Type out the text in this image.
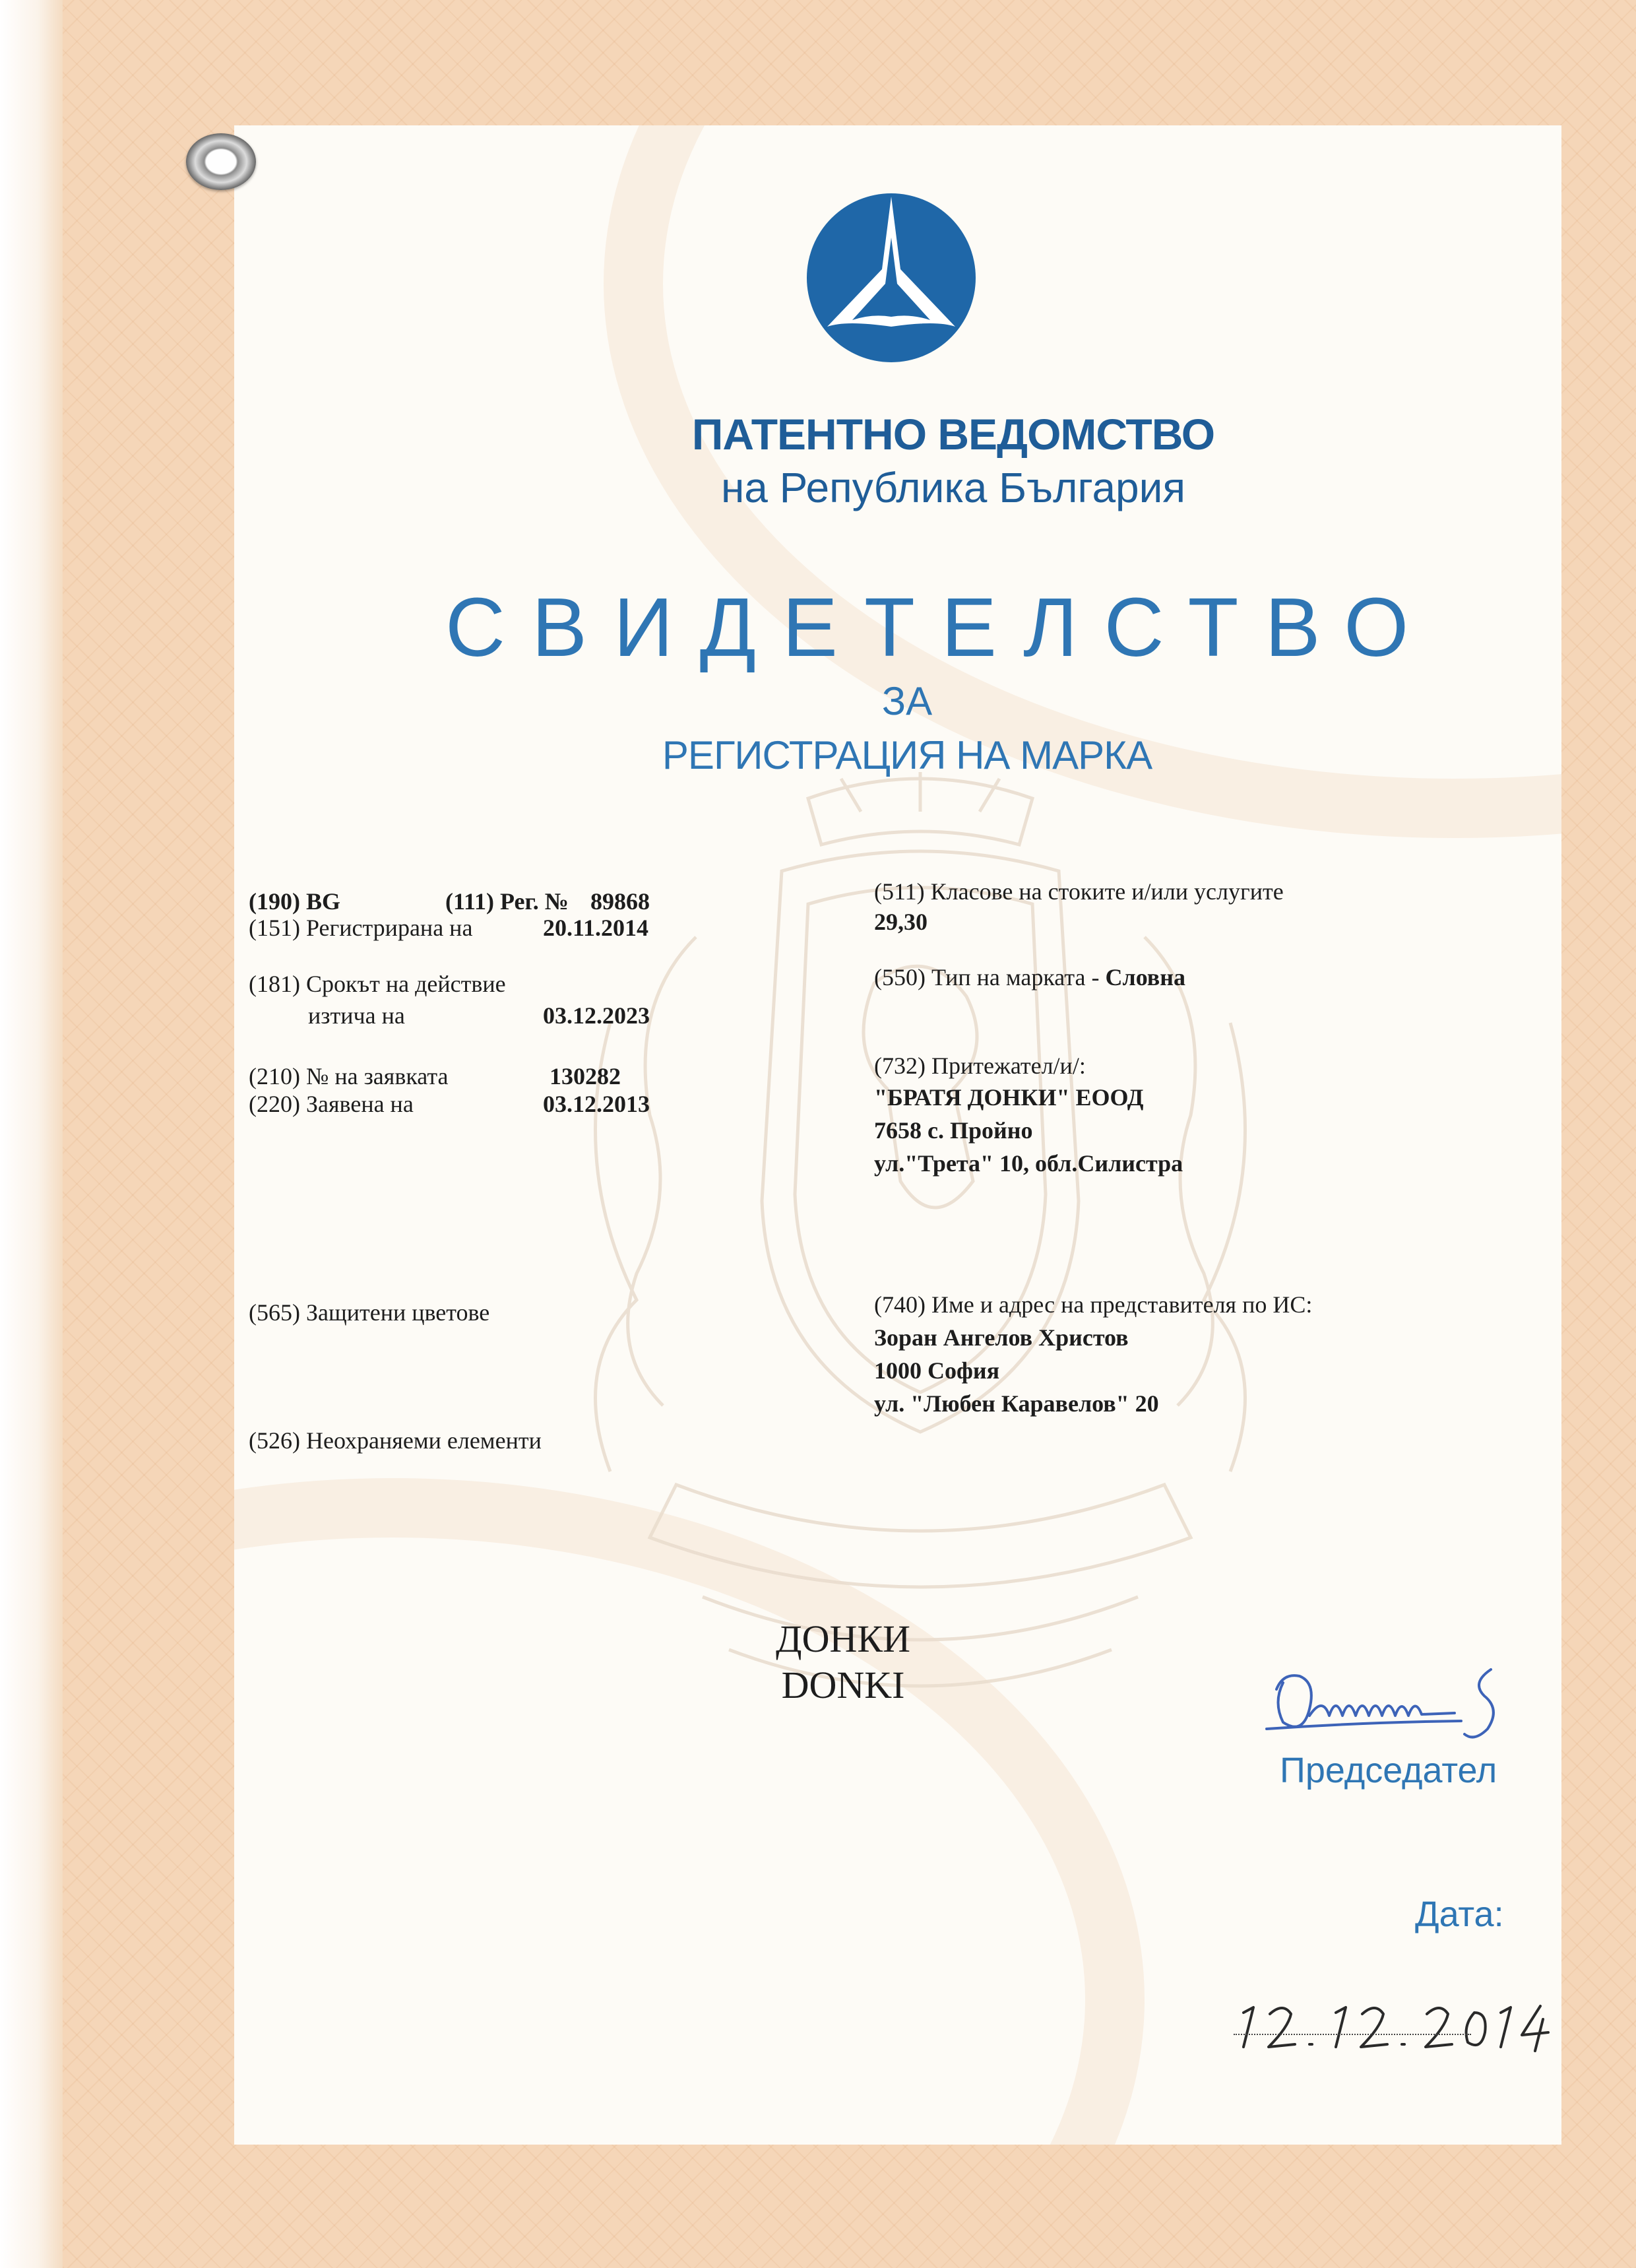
ПАТЕНТНО ВЕДОМСТВО
на Република България
СВИДЕТЕЛСТВО
ЗА
РЕГИСТРАЦИЯ НА МАРКА
(190) BG	(111) Рег. № 89868
(151) Регистрирана на	20.11.2014
(181) Срокът на действие
изтича на	03.12.2023
(210) № на заявката	130282
(220) Заявена на	03.12.2013
(565) Защитени цветове
(526) Неохраняеми елементи
(511) Класове на стоките и/или услугите
29,30
(550) Тип на марката - Словна
(732) Притежател/и/:
"БРАТЯ ДОНКИ" ЕООД
7658 с. Пройно
ул."Трета" 10, обл.Силистра
(740) Име и адрес на представителя по ИС:
Зоран Ангелов Христов
1000 София
ул. "Любен Каравелов" 20
ДОНКИ
DONKI
Председател
Дата:
